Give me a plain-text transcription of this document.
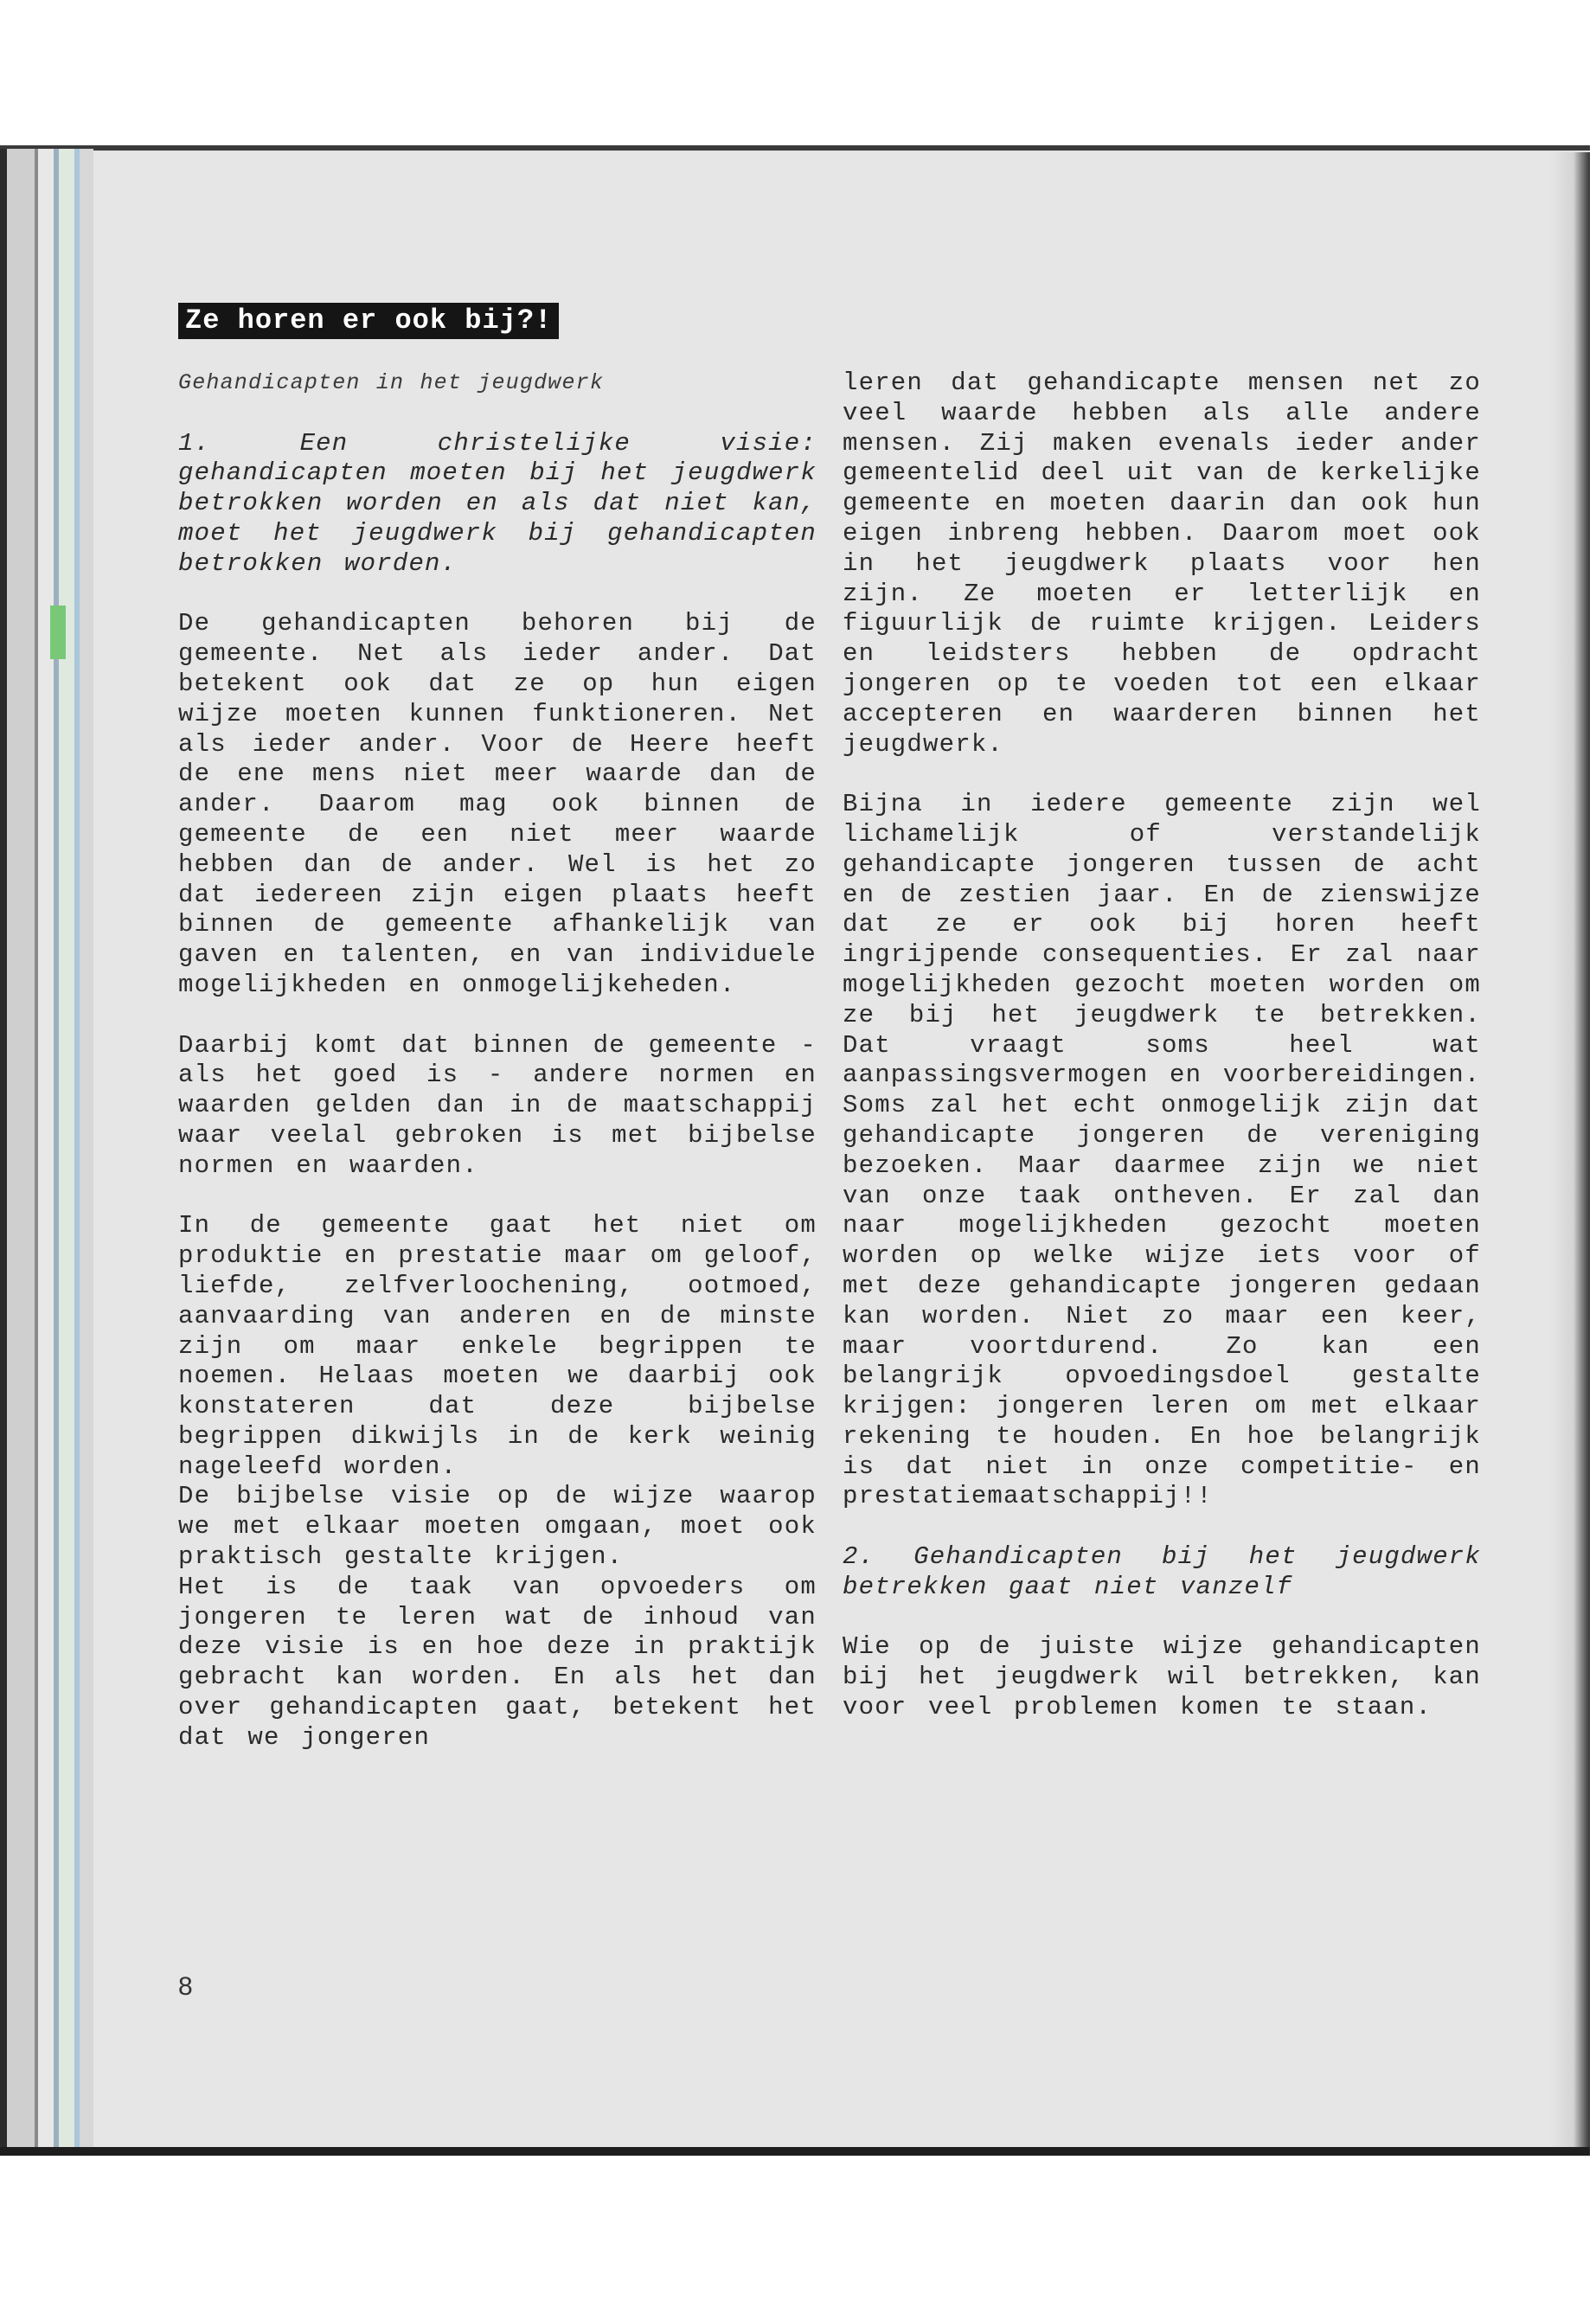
Ze horen er ook bij?!

Gehandicapten in het jeugdwerk

1. Een christelijke visie: gehandicapten moeten bij het jeugdwerk betrokken worden en als dat niet kan, moet het jeugdwerk bij gehandicapten betrokken worden.

De gehandicapten behoren bij de gemeente. Net als ieder ander. Dat betekent ook dat ze op hun eigen wijze moeten kunnen funktioneren. Net als ieder ander. Voor de Heere heeft de ene mens niet meer waarde dan de ander. Daarom mag ook binnen de gemeente de een niet meer waarde hebben dan de ander. Wel is het zo dat iedereen zijn eigen plaats heeft binnen de gemeente afhankelijk van gaven en talenten, en van individuele mogelijkheden en onmogelijkeheden.

Daarbij komt dat binnen de gemeente - als het goed is - andere normen en waarden gelden dan in de maatschappij waar veelal gebroken is met bijbelse normen en waarden.

In de gemeente gaat het niet om produktie en prestatie maar om geloof, liefde, zelfverloochening, ootmoed, aanvaarding van anderen en de minste zijn om maar enkele begrippen te noemen. Helaas moeten we daarbij ook konstateren dat deze bijbelse begrippen dikwijls in de kerk weinig nageleefd worden.

De bijbelse visie op de wijze waarop we met elkaar moeten omgaan, moet ook praktisch gestalte krijgen.

Het is de taak van opvoeders om jongeren te leren wat de inhoud van deze visie is en hoe deze in praktijk gebracht kan worden. En als het dan over gehandicapten gaat, betekent het dat we jongeren

leren dat gehandicapte mensen net zo veel waarde hebben als alle andere mensen. Zij maken evenals ieder ander gemeentelid deel uit van de kerkelijke gemeente en moeten daarin dan ook hun eigen inbreng hebben. Daarom moet ook in het jeugdwerk plaats voor hen zijn. Ze moeten er letterlijk en figuurlijk de ruimte krijgen. Leiders en leidsters hebben de opdracht jongeren op te voeden tot een elkaar accepteren en waarderen binnen het jeugdwerk.

Bijna in iedere gemeente zijn wel lichamelijk of verstandelijk gehandicapte jongeren tussen de acht en de zestien jaar. En de zienswijze dat ze er ook bij horen heeft ingrijpende consequenties. Er zal naar mogelijkheden gezocht moeten worden om ze bij het jeugdwerk te betrekken. Dat vraagt soms heel wat aanpassingsvermogen en voorbereidingen.

Soms zal het echt onmogelijk zijn dat gehandicapte jongeren de vereniging bezoeken. Maar daarmee zijn we niet van onze taak ontheven. Er zal dan naar mogelijkheden gezocht moeten worden op welke wijze iets voor of met deze gehandicapte jongeren gedaan kan worden. Niet zo maar een keer, maar voortdurend. Zo kan een belangrijk opvoedingsdoel gestalte krijgen: jongeren leren om met elkaar rekening te houden. En hoe belangrijk is dat niet in onze competitie- en prestatiemaatschappij!!

2. Gehandicapten bij het jeugdwerk betrekken gaat niet vanzelf

Wie op de juiste wijze gehandicapten bij het jeugdwerk wil betrekken, kan voor veel problemen komen te staan.

8
